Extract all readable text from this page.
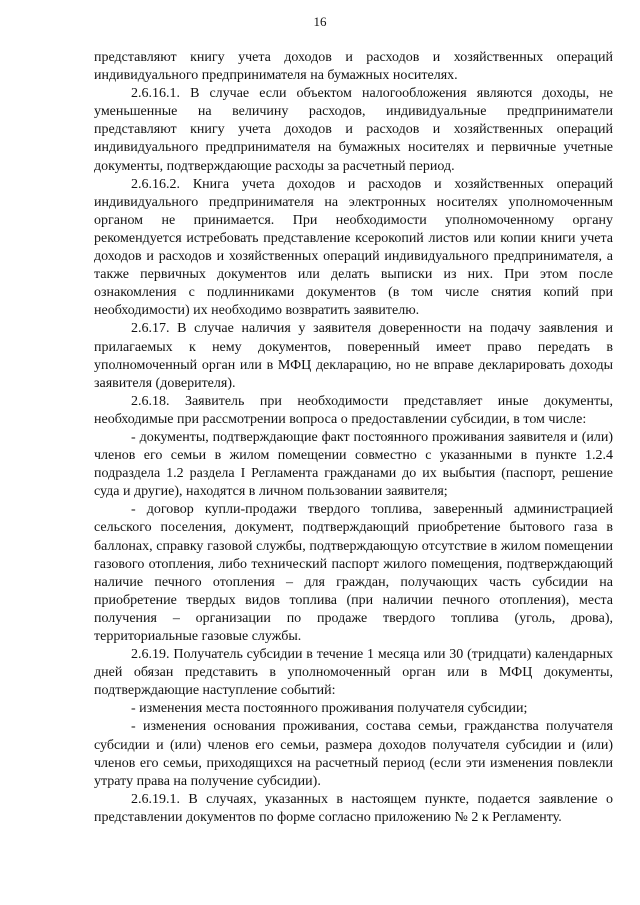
16

представляют книгу учета доходов и расходов и хозяйственных операций индивидуального предпринимателя на бумажных носителях.

2.6.16.1. В случае если объектом налогообложения являются доходы, не уменьшенные на величину расходов, индивидуальные предприниматели представляют книгу учета доходов и расходов и хозяйственных операций индивидуального предпринимателя на бумажных носителях и первичные учетные документы, подтверждающие расходы за расчетный период.

2.6.16.2. Книга учета доходов и расходов и хозяйственных операций индивидуального предпринимателя на электронных носителях уполномоченным органом не принимается. При необходимости уполномоченному органу рекомендуется истребовать представление ксерокопий листов или копии книги учета доходов и расходов и хозяйственных операций индивидуального предпринимателя, а также первичных документов или делать выписки из них. При этом после ознакомления с подлинниками документов (в том числе снятия копий при необходимости) их необходимо возвратить заявителю.

2.6.17. В случае наличия у заявителя доверенности на подачу заявления и прилагаемых к нему документов, поверенный имеет право передать в уполномоченный орган или в МФЦ декларацию, но не вправе декларировать доходы заявителя (доверителя).

2.6.18. Заявитель при необходимости представляет иные документы, необходимые при рассмотрении вопроса о предоставлении субсидии, в том числе:

- документы, подтверждающие факт постоянного проживания заявителя и (или) членов его семьи в жилом помещении совместно с указанными в пункте 1.2.4 подраздела 1.2 раздела I Регламента гражданами до их выбытия (паспорт, решение суда и другие), находятся в личном пользовании заявителя;

- договор купли-продажи твердого топлива, заверенный администрацией сельского поселения, документ, подтверждающий приобретение бытового газа в баллонах, справку газовой службы, подтверждающую отсутствие в жилом помещении газового отопления, либо технический паспорт жилого помещения, подтверждающий наличие печного отопления – для граждан, получающих часть субсидии на приобретение твердых видов топлива (при наличии печного отопления), места получения – организации по продаже твердого топлива (уголь, дрова), территориальные газовые службы.

2.6.19. Получатель субсидии в течение 1 месяца или 30 (тридцати) календарных дней обязан представить в уполномоченный орган или в МФЦ документы, подтверждающие наступление событий:

- изменения места постоянного проживания получателя субсидии;

- изменения основания проживания, состава семьи, гражданства получателя субсидии и (или) членов его семьи, размера доходов получателя субсидии и (или) членов его семьи, приходящихся на расчетный период (если эти изменения повлекли утрату права на получение субсидии).

2.6.19.1. В случаях, указанных в настоящем пункте, подается заявление о представлении документов по форме согласно приложению № 2 к Регламенту.
